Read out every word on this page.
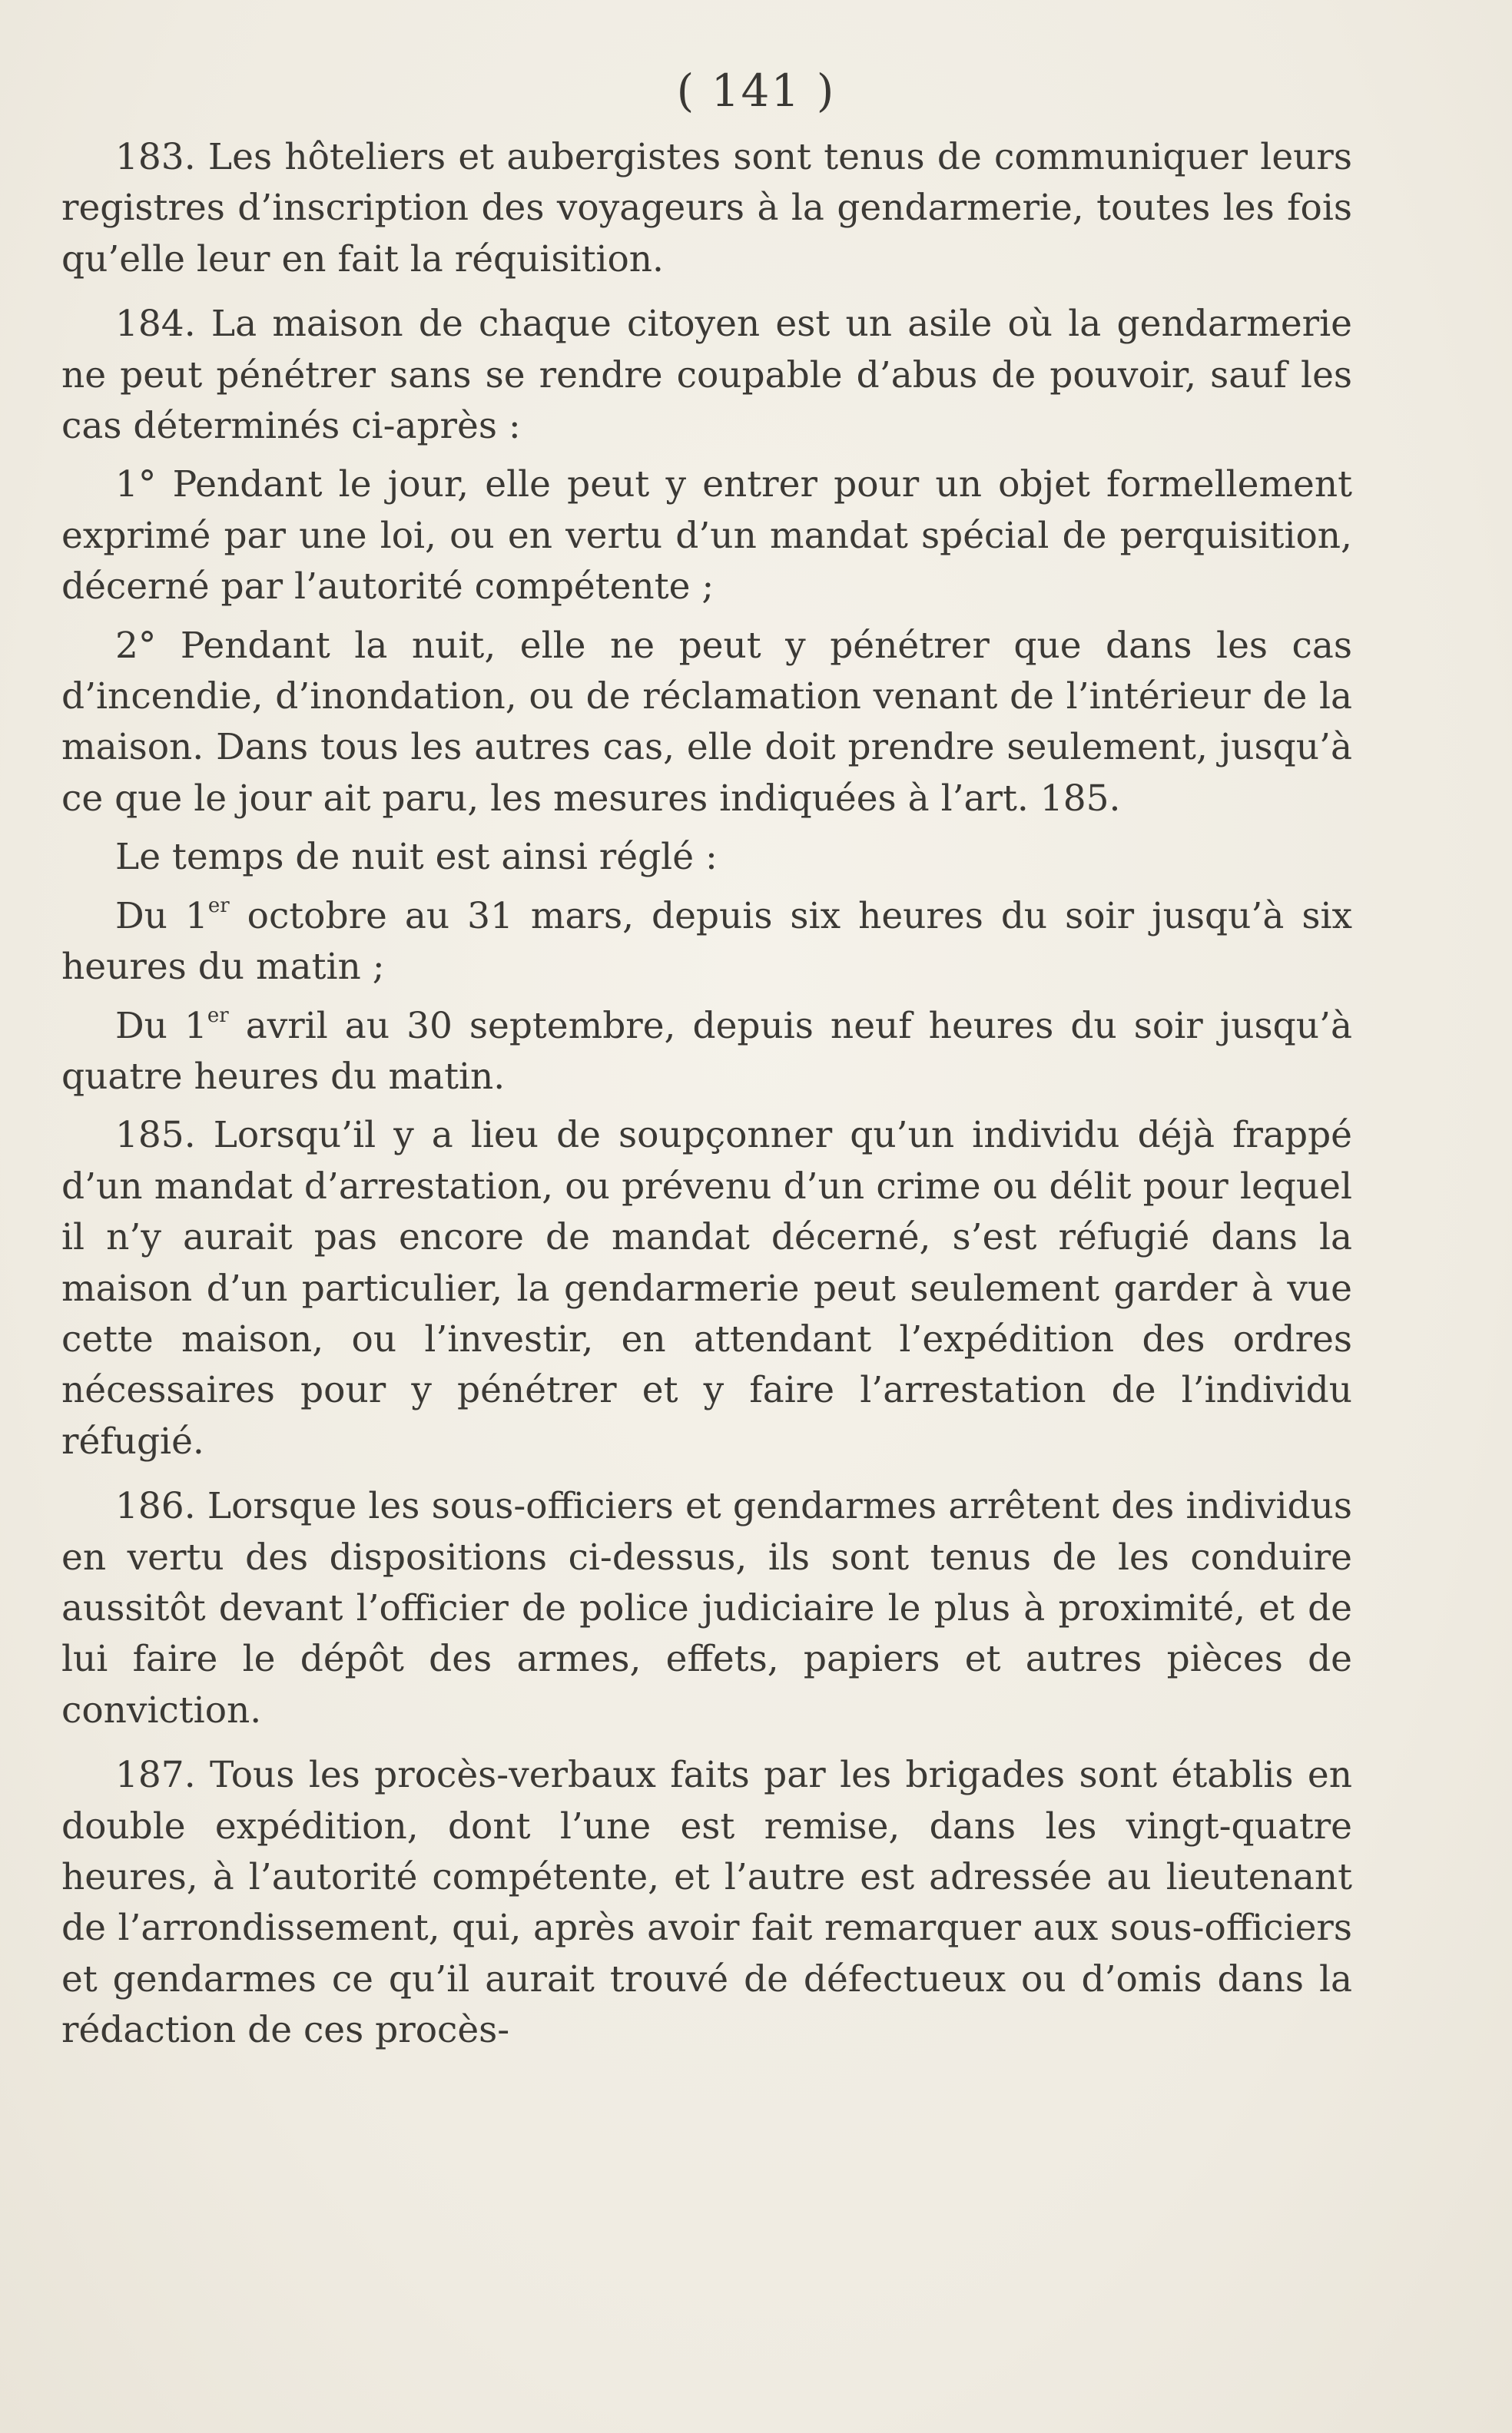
( 141 )

183. Les hôteliers et aubergistes sont tenus de communiquer leurs registres d’inscription des voyageurs à la gendarmerie, toutes les fois qu’elle leur en fait la réquisition.

184. La maison de chaque citoyen est un asile où la gendarmerie ne peut pénétrer sans se rendre coupable d’abus de pouvoir, sauf les cas déterminés ci-après :

1° Pendant le jour, elle peut y entrer pour un objet formellement exprimé par une loi, ou en vertu d’un mandat spécial de perquisition, décerné par l’autorité compétente ;

2° Pendant la nuit, elle ne peut y pénétrer que dans les cas d’incendie, d’inondation, ou de réclamation venant de l’intérieur de la maison. Dans tous les autres cas, elle doit prendre seulement, jusqu’à ce que le jour ait paru, les mesures indiquées à l’art. 185.

Le temps de nuit est ainsi réglé :

Du 1er octobre au 31 mars, depuis six heures du soir jusqu’à six heures du matin ;

Du 1er avril au 30 septembre, depuis neuf heures du soir jusqu’à quatre heures du matin.

185. Lorsqu’il y a lieu de soupçonner qu’un individu déjà frappé d’un mandat d’arrestation, ou prévenu d’un crime ou délit pour lequel il n’y aurait pas encore de mandat décerné, s’est réfugié dans la maison d’un particulier, la gendarmerie peut seulement garder à vue cette maison, ou l’investir, en attendant l’expédition des ordres nécessaires pour y pénétrer et y faire l’arrestation de l’individu réfugié.

186. Lorsque les sous-officiers et gendarmes arrêtent des individus en vertu des dispositions ci-dessus, ils sont tenus de les conduire aussitôt devant l’officier de police judiciaire le plus à proximité, et de lui faire le dépôt des armes, effets, papiers et autres pièces de conviction.

187. Tous les procès-verbaux faits par les brigades sont établis en double expédition, dont l’une est remise, dans les vingt-quatre heures, à l’autorité compétente, et l’autre est adressée au lieutenant de l’arrondissement, qui, après avoir fait remarquer aux sous-officiers et gendarmes ce qu’il aurait trouvé de défectueux ou d’omis dans la rédaction de ces procès-
